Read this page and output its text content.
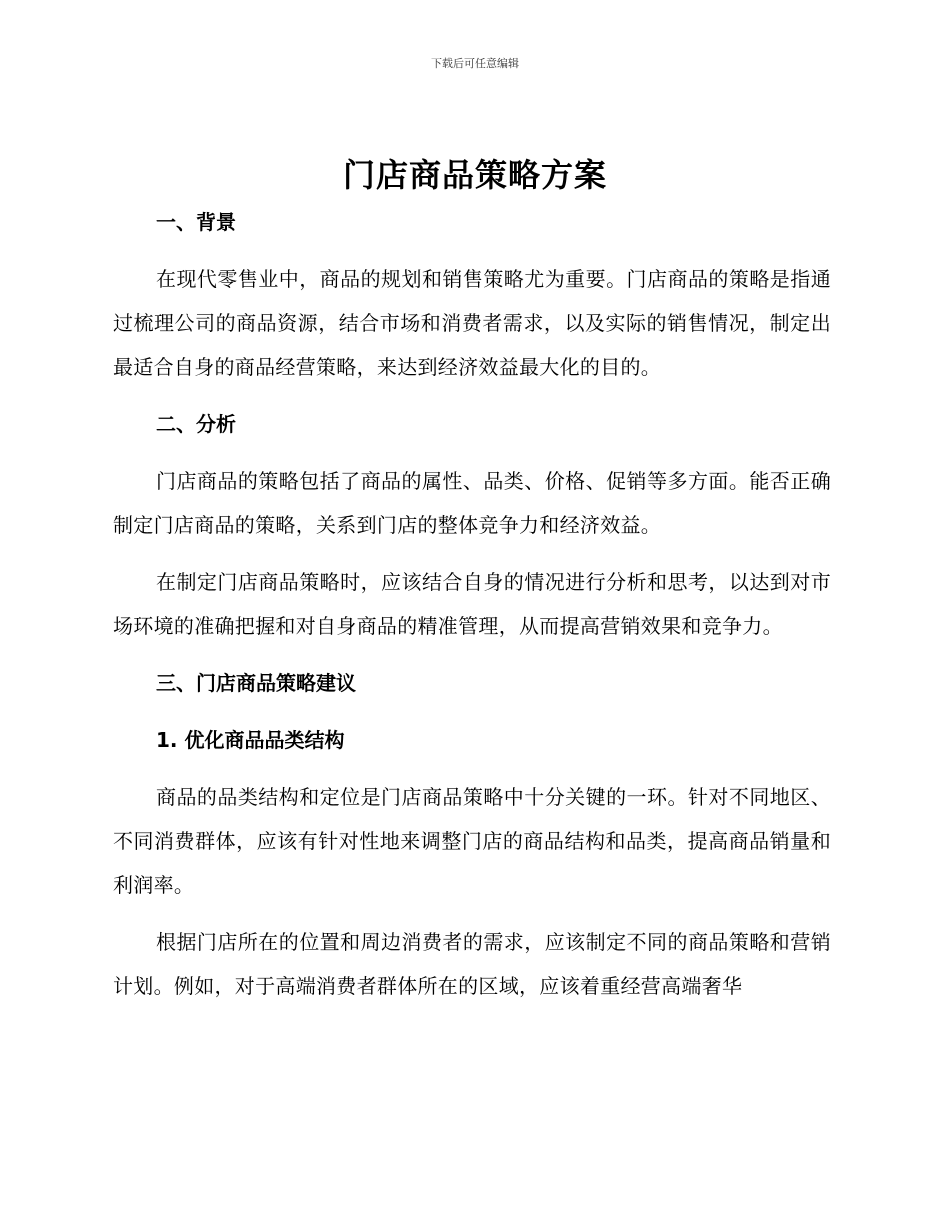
下载后可任意编辑
门店商品策略方案

一、背景

在现代零售业中，商品的规划和销售策略尤为重要。门店商品的策略是指通过梳理公司的商品资源，结合市场和消费者需求，以及实际的销售情况，制定出最适合自身的商品经营策略，来达到经济效益最大化的目的。

二、分析

门店商品的策略包括了商品的属性、品类、价格、促销等多方面。能否正确制定门店商品的策略，关系到门店的整体竞争力和经济效益。

在制定门店商品策略时，应该结合自身的情况进行分析和思考，以达到对市场环境的准确把握和对自身商品的精准管理，从而提高营销效果和竞争力。

三、门店商品策略建议

1. 优化商品品类结构

商品的品类结构和定位是门店商品策略中十分关键的一环。针对不同地区、不同消费群体，应该有针对性地来调整门店的商品结构和品类，提高商品销量和利润率。

根据门店所在的位置和周边消费者的需求，应该制定不同的商品策略和营销计划。例如，对于高端消费者群体所在的区域，应该着重经营高端奢华
